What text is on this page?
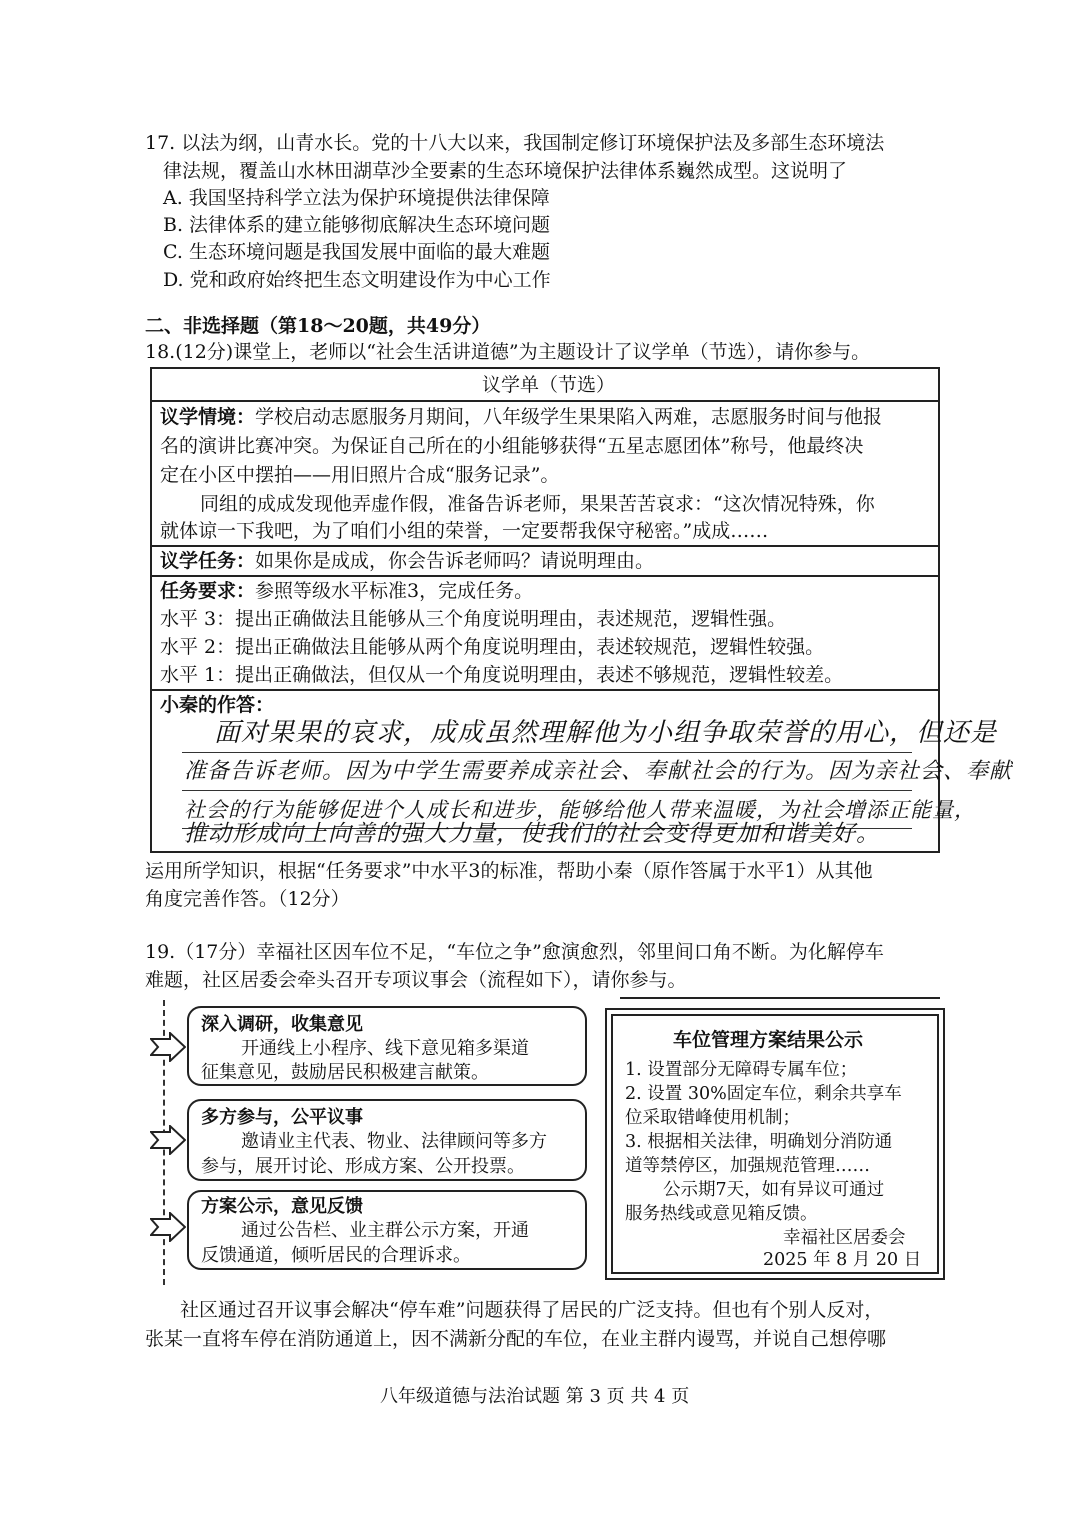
17. 以法为纲，山青水长。党的十八大以来，我国制定修订环境保护法及多部生态环境法
律法规，覆盖山水林田湖草沙全要素的生态环境保护法律体系巍然成型。这说明了
A. 我国坚持科学立法为保护环境提供法律保障
B. 法律体系的建立能够彻底解决生态环境问题
C. 生态环境问题是我国发展中面临的最大难题
D. 党和政府始终把生态文明建设作为中心工作
二、非选择题（第18～20题，共49分）
18.(12分)课堂上，老师以“社会生活讲道德”为主题设计了议学单（节选），请你参与。
议学单（节选）
议学情境：学校启动志愿服务月期间，八年级学生果果陷入两难，志愿服务时间与他报
名的演讲比赛冲突。为保证自己所在的小组能够获得“五星志愿团体”称号，他最终决
定在小区中摆拍——用旧照片合成“服务记录”。
同组的成成发现他弄虚作假，准备告诉老师，果果苦苦哀求：“这次情况特殊，你
就体谅一下我吧，为了咱们小组的荣誉，一定要帮我保守秘密。”成成……
议学任务：如果你是成成，你会告诉老师吗？请说明理由。
任务要求：参照等级水平标准3，完成任务。
水平 3：提出正确做法且能够从三个角度说明理由，表述规范，逻辑性强。
水平 2：提出正确做法且能够从两个角度说明理由，表述较规范，逻辑性较强。
水平 1：提出正确做法，但仅从一个角度说明理由，表述不够规范，逻辑性较差。
小秦的作答：
面对果果的哀求，成成虽然理解他为小组争取荣誉的用心，但还是
准备告诉老师。因为中学生需要养成亲社会、奉献社会的行为。因为亲社会、奉献
社会的行为能够促进个人成长和进步，能够给他人带来温暖，为社会增添正能量，
推动形成向上向善的强大力量，使我们的社会变得更加和谐美好。
运用所学知识，根据“任务要求”中水平3的标准，帮助小秦（原作答属于水平1）从其他
角度完善作答。（12分）
19.（17分）幸福社区因车位不足，“车位之争”愈演愈烈，邻里间口角不断。为化解停车
难题，社区居委会牵头召开专项议事会（流程如下），请你参与。
深入调研，收集意见
开通线上小程序、线下意见箱多渠道
征集意见，鼓励居民积极建言献策。
多方参与，公平议事
邀请业主代表、物业、法律顾问等多方
参与，展开讨论、形成方案、公开投票。
方案公示，意见反馈
通过公告栏、业主群公示方案，开通
反馈通道，倾听居民的合理诉求。
车位管理方案结果公示
1. 设置部分无障碍专属车位；
2. 设置 30%固定车位，剩余共享车
位采取错峰使用机制；
3. 根据相关法律，明确划分消防通
道等禁停区，加强规范管理……
公示期7天，如有异议可通过
服务热线或意见箱反馈。
幸福社区居委会
2025 年 8 月 20 日
社区通过召开议事会解决“停车难”问题获得了居民的广泛支持。但也有个别人反对，
张某一直将车停在消防通道上，因不满新分配的车位，在业主群内谩骂，并说自己想停哪
八年级道德与法治试题 第 3 页 共 4 页
